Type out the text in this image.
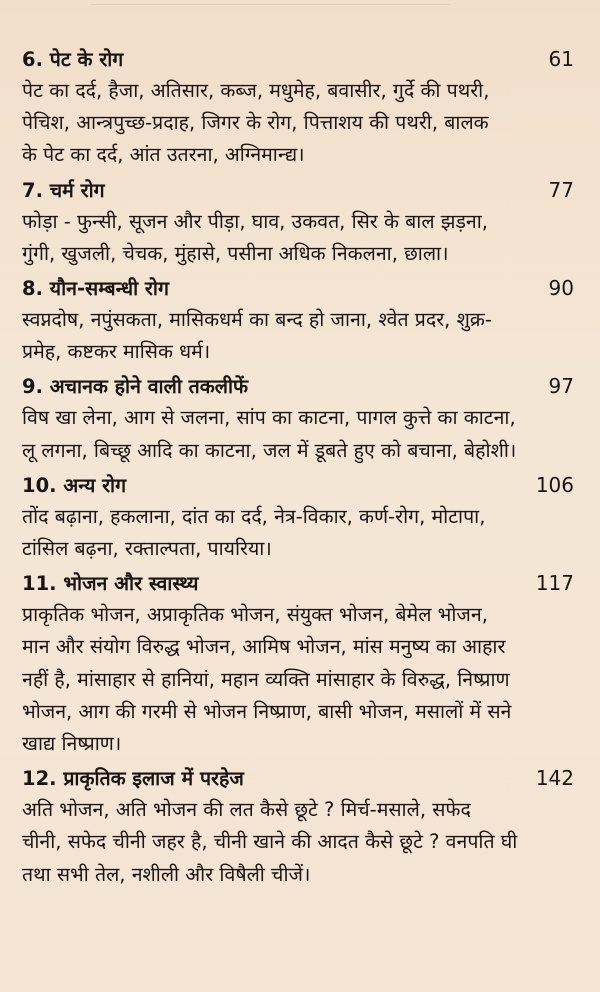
6. पेट के रोग	61
पेट का दर्द, हैजा, अतिसार, कब्ज, मधुमेह, बवासीर, गुर्दे की पथरी,
पेचिश, आन्त्रपुच्छ-प्रदाह, जिगर के रोग, पित्ताशय की पथरी, बालक
के पेट का दर्द, आंत उतरना, अग्निमान्द्य।
7. चर्म रोग	77
फोड़ा - फुन्सी, सूजन और पीड़ा, घाव, उकवत, सिर के बाल झड़ना,
गुंगी, खुजली, चेचक, मुंहासे, पसीना अधिक निकलना, छाला।
8. यौन-सम्बन्धी रोग	90
स्वप्नदोष, नपुंसकता, मासिकधर्म का बन्द हो जाना, श्वेत प्रदर, शुक्र-
प्रमेह, कष्टकर मासिक धर्म।
9. अचानक होने वाली तकलीफें	97
विष खा लेना, आग से जलना, सांप का काटना, पागल कुत्ते का काटना,
लू लगना, बिच्छू आदि का काटना, जल में डूबते हुए को बचाना, बेहोशी।
10. अन्य रोग	106
तोंद बढ़ाना, हकलाना, दांत का दर्द, नेत्र-विकार, कर्ण-रोग, मोटापा,
टांसिल बढ़ना, रक्ताल्पता, पायरिया।
11. भोजन और स्वास्थ्य	117
प्राकृतिक भोजन, अप्राकृतिक भोजन, संयुक्त भोजन, बेमेल भोजन,
मान और संयोग विरुद्ध भोजन, आमिष भोजन, मांस मनुष्य का आहार
नहीं है, मांसाहार से हानियां, महान व्यक्ति मांसाहार के विरुद्ध, निष्प्राण
भोजन, आग की गरमी से भोजन निष्प्राण, बासी भोजन, मसालों में सने
खाद्य निष्प्राण।
12. प्राकृतिक इलाज में परहेज	142
अति भोजन, अति भोजन की लत कैसे छूटे ? मिर्च-मसाले, सफेद
चीनी, सफेद चीनी जहर है, चीनी खाने की आदत कैसे छूटे ? वनपति घी
तथा सभी तेल, नशीली और विषैली चीजें।
